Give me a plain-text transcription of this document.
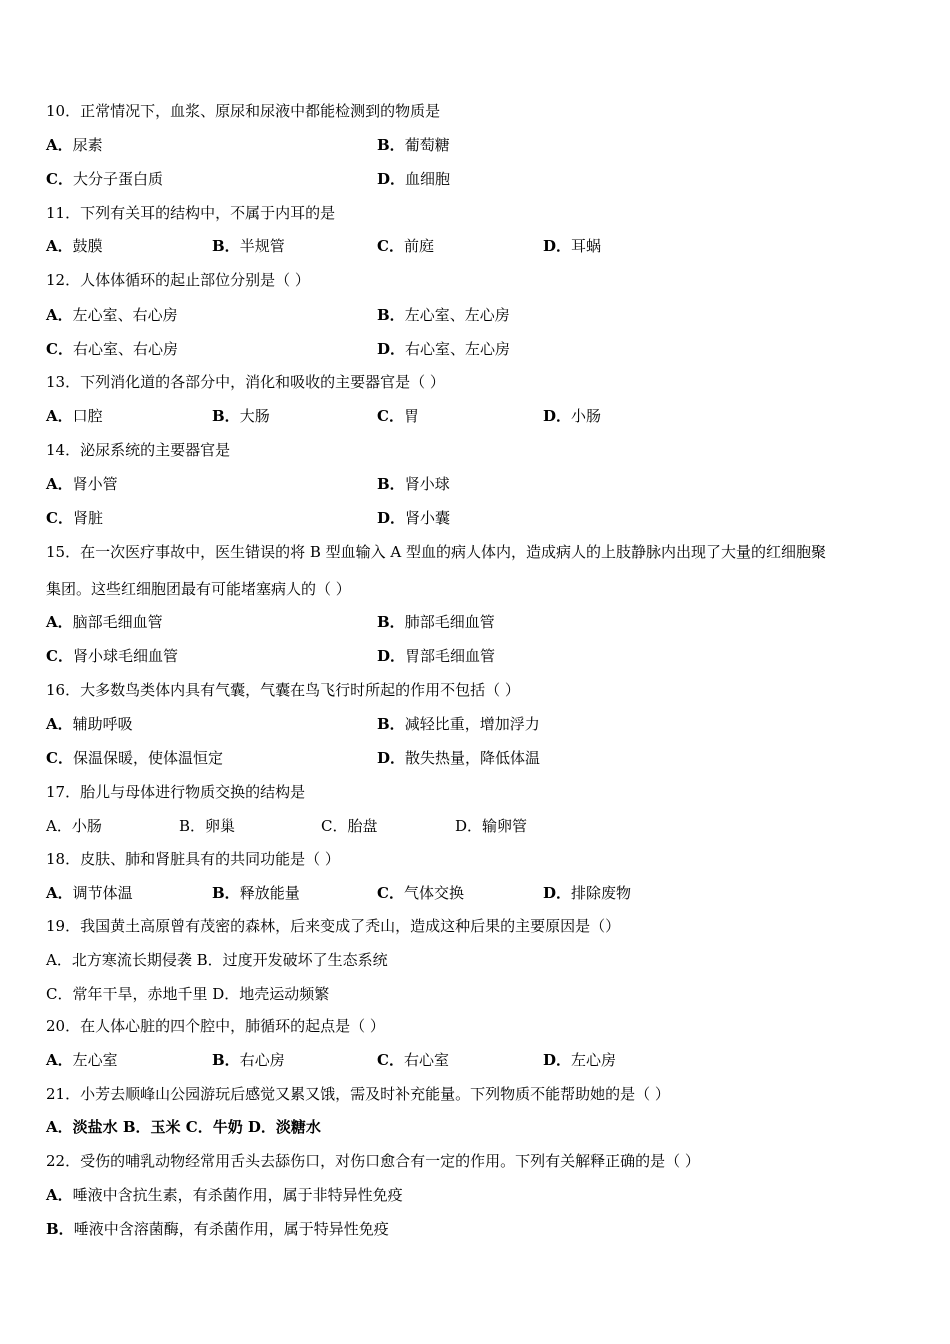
10．正常情况下，血浆、原尿和尿液中都能检测到的物质是
A．尿素	B．葡萄糖
C．大分子蛋白质	D．血细胞
11．下列有关耳的结构中，不属于内耳的是
A．鼓膜	B．半规管	C．前庭	D．耳蜗
12．人体体循环的起止部位分别是（ ）
A．左心室、右心房	B．左心室、左心房
C．右心室、右心房	D．右心室、左心房
13．下列消化道的各部分中，消化和吸收的主要器官是（ ）
A．口腔	B．大肠	C．胃	D．小肠
14．泌尿系统的主要器官是
A．肾小管	B．肾小球
C．肾脏	D．肾小囊
15．在一次医疗事故中，医生错误的将 B 型血输入 A 型血的病人体内，造成病人的上肢静脉内出现了大量的红细胞聚
集团。这些红细胞团最有可能堵塞病人的（ ）
A．脑部毛细血管	B．肺部毛细血管
C．肾小球毛细血管	D．胃部毛细血管
16．大多数鸟类体内具有气囊，气囊在鸟飞行时所起的作用不包括（ ）
A．辅助呼吸	B．减轻比重，增加浮力
C．保温保暖，使体温恒定	D．散失热量，降低体温
17．胎儿与母体进行物质交换的结构是
A．小肠	B．卵巢	C．胎盘	D．输卵管
18．皮肤、肺和肾脏具有的共同功能是（ ）
A．调节体温	B．释放能量	C．气体交换	D．排除废物
19．我国黄土高原曾有茂密的森林，后来变成了秃山，造成这种后果的主要原因是（）
A．北方寒流长期侵袭 B．过度开发破坏了生态系统
C．常年干旱，赤地千里 D．地壳运动频繁
20．在人体心脏的四个腔中，肺循环的起点是（ ）
A．左心室	B．右心房	C．右心室	D．左心房
21．小芳去顺峰山公园游玩后感觉又累又饿，需及时补充能量。下列物质不能帮助她的是（ ）
A．淡盐水 B．玉米 C．牛奶 D．淡糖水
22．受伤的哺乳动物经常用舌头去舔伤口，对伤口愈合有一定的作用。下列有关解释正确的是（ ）
A．唾液中含抗生素，有杀菌作用，属于非特异性免疫
B．唾液中含溶菌酶，有杀菌作用，属于特异性免疫
